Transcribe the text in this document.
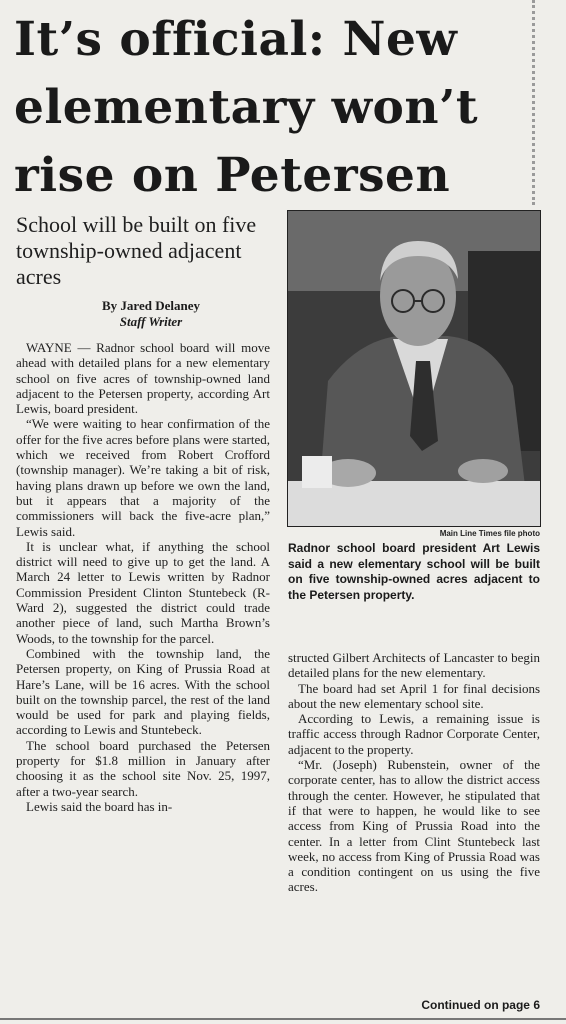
It’s official: New
elementary won’t
rise on Petersen
School will be built on five township-owned adjacent acres
By Jared Delaney
Staff Writer

WAYNE — Radnor school board will move ahead with detailed plans for a new elementary school on five acres of township-owned land adjacent to the Petersen property, according Art Lewis, board president.

“We were waiting to hear confirmation of the offer for the five acres before plans were started, which we received from Robert Crofford (township manager). We’re taking a bit of risk, having plans drawn up before we own the land, but it appears that a majority of the commissioners will back the five-acre plan,” Lewis said.

It is unclear what, if anything the school district will need to give up to get the land. A March 24 letter to Lewis written by Radnor Commission President Clinton Stuntebeck (R-Ward 2), suggested the district could trade another piece of land, such Martha Brown’s Woods, to the township for the parcel.

Combined with the township land, the Petersen property, on King of Prussia Road at Hare’s Lane, will be 16 acres. With the school built on the township parcel, the rest of the land would be used for park and playing fields, according to Lewis and Stuntebeck.

The school board purchased the Petersen property for $1.8 million in January after choosing it as the school site Nov. 25, 1997, after a two-year search.

Lewis said the board has in-

Main Line Times file photo
Radnor school board president Art Lewis said a new elementary school will be built on five township-owned acres adjacent to the Petersen property.

structed Gilbert Architects of Lancaster to begin detailed plans for the new elementary.

The board had set April 1 for final decisions about the new elementary school site.

According to Lewis, a remaining issue is traffic access through Radnor Corporate Center, adjacent to the property.

“Mr. (Joseph) Rubenstein, owner of the corporate center, has to allow the district access through the center. However, he stipulated that if that were to happen, he would like to see access from King of Prussia Road into the center. In a letter from Clint Stuntebeck last week, no access from King of Prussia Road was a condition contingent on us using the five acres.

Continued on page 6
